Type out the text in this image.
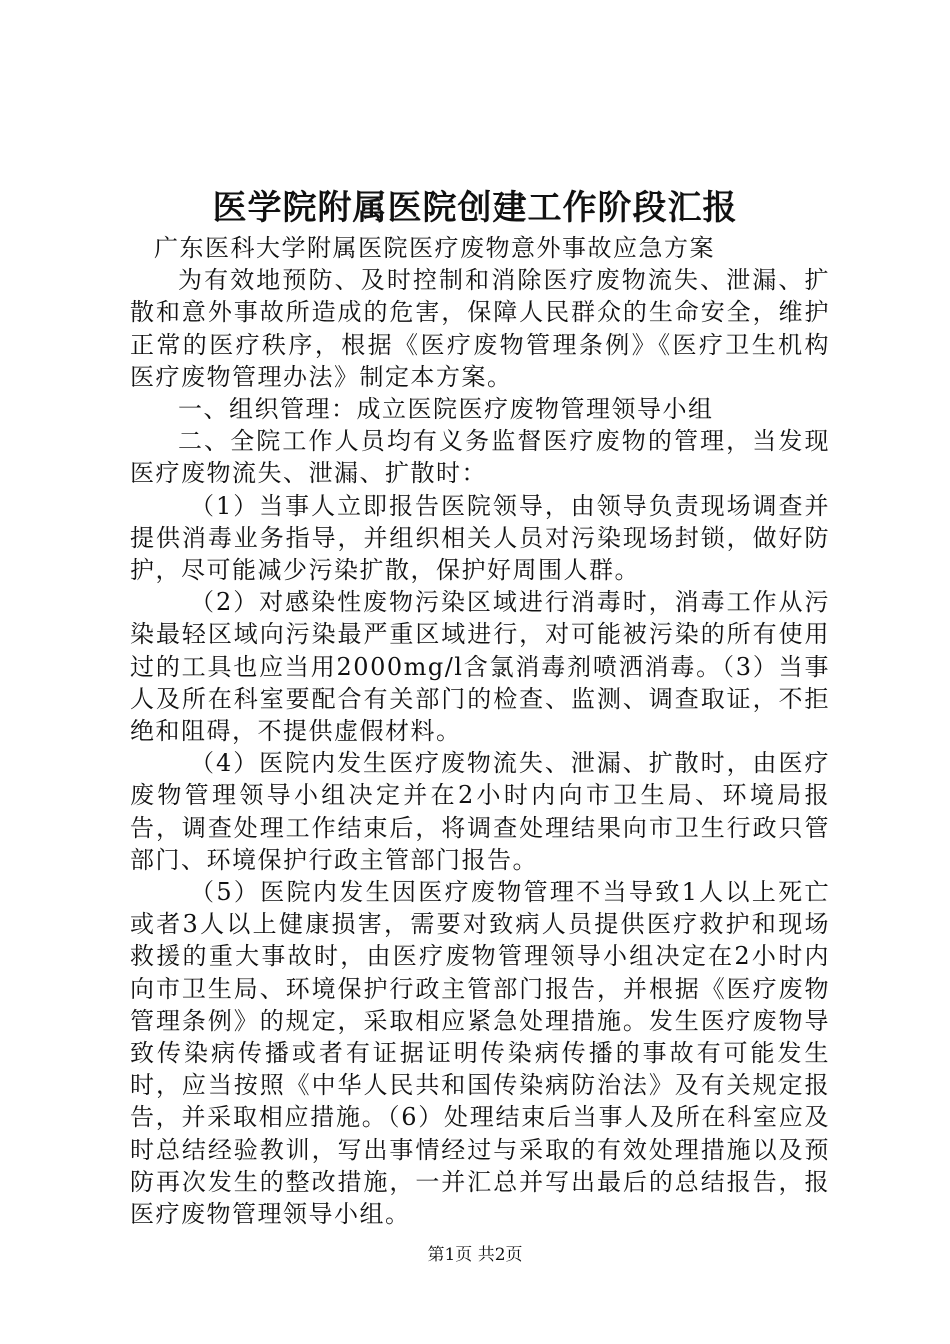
医学院附属医院创建工作阶段汇报

广东医科大学附属医院医疗废物意外事故应急方案

为有效地预防、及时控制和消除医疗废物流失、泄漏、扩散和意外事故所造成的危害，保障人民群众的生命安全，维护正常的医疗秩序，根据《医疗废物管理条例》《医疗卫生机构医疗废物管理办法》制定本方案。

一、组织管理：成立医院医疗废物管理领导小组

二、全院工作人员均有义务监督医疗废物的管理，当发现医疗废物流失、泄漏、扩散时：

（1）当事人立即报告医院领导，由领导负责现场调查并提供消毒业务指导，并组织相关人员对污染现场封锁，做好防护，尽可能减少污染扩散，保护好周围人群。

（2）对感染性废物污染区域进行消毒时，消毒工作从污染最轻区域向污染最严重区域进行，对可能被污染的所有使用过的工具也应当用2000mg/l含氯消毒剂喷洒消毒。（3）当事人及所在科室要配合有关部门的检查、监测、调查取证，不拒绝和阻碍，不提供虚假材料。

（4）医院内发生医疗废物流失、泄漏、扩散时，由医疗废物管理领导小组决定并在2小时内向市卫生局、环境局报告，调查处理工作结束后，将调查处理结果向市卫生行政只管部门、环境保护行政主管部门报告。

（5）医院内发生因医疗废物管理不当导致1人以上死亡或者3人以上健康损害，需要对致病人员提供医疗救护和现场救援的重大事故时，由医疗废物管理领导小组决定在2小时内向市卫生局、环境保护行政主管部门报告，并根据《医疗废物管理条例》的规定，采取相应紧急处理措施。发生医疗废物导致传染病传播或者有证据证明传染病传播的事故有可能发生时，应当按照《中华人民共和国传染病防治法》及有关规定报告，并采取相应措施。（6）处理结束后当事人及所在科室应及时总结经验教训，写出事情经过与采取的有效处理措施以及预防再次发生的整改措施，一并汇总并写出最后的总结报告，报医疗废物管理领导小组。

第1页 共2页
